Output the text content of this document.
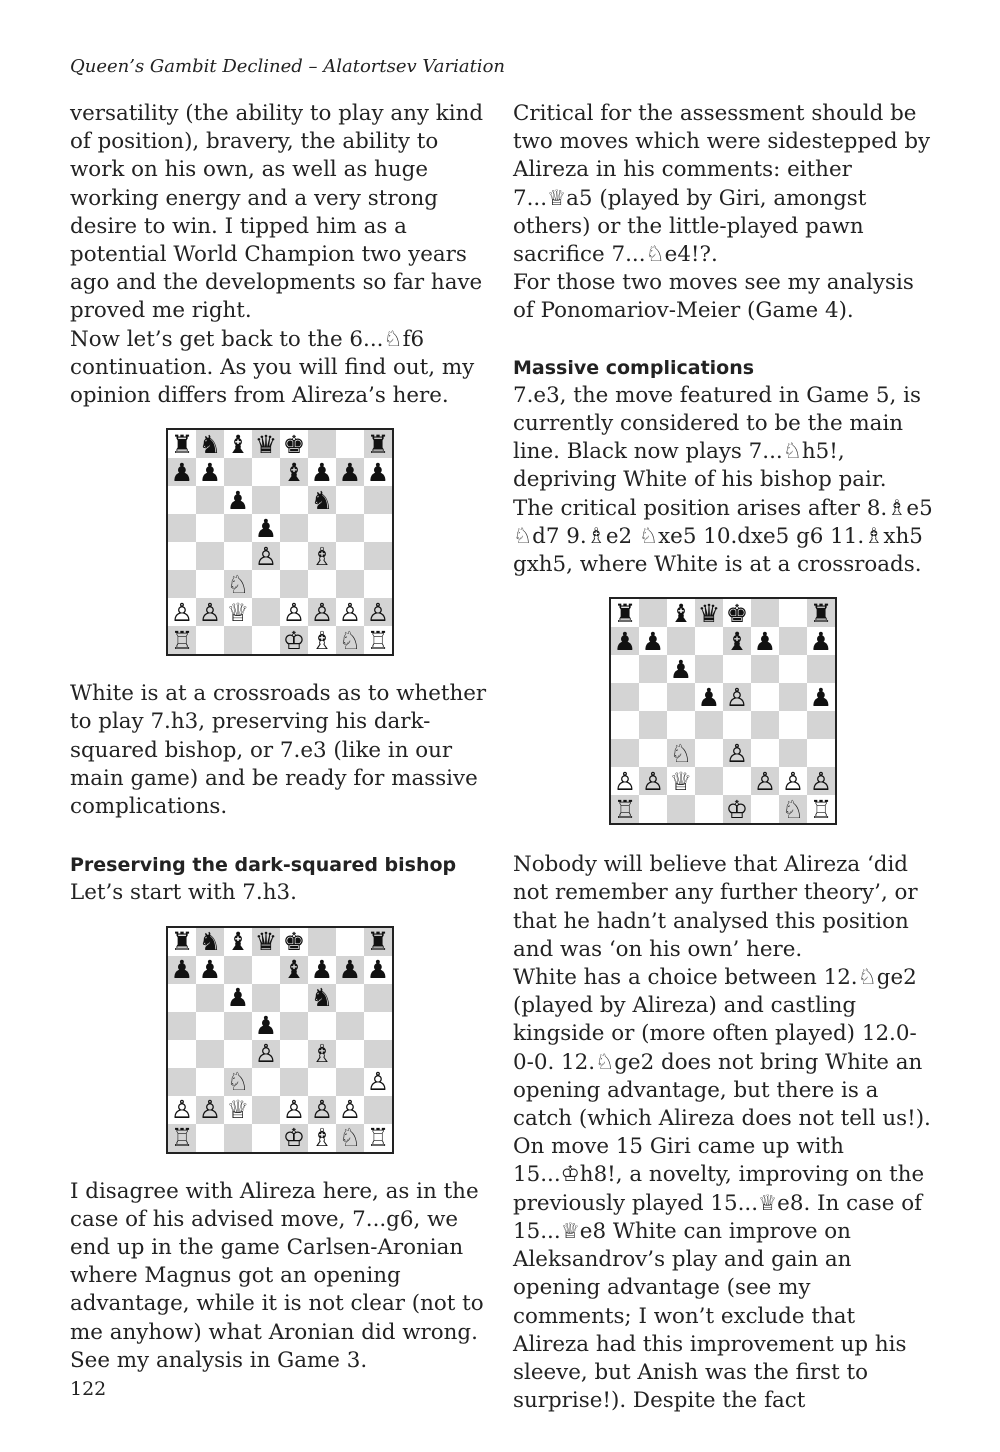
Queen’s Gambit Declined – Alatortsev Variation

versatility (the ability to play any kind of position), bravery, the ability to work on his own, as well as huge working energy and a very strong desire to win. I tipped him as a potential World Champion two years ago and the developments so far have proved me right.

Now let’s get back to the 6...♘f6 continuation. As you will find out, my opinion differs from Alireza’s here.

♜ ♞ ♝ ♛ ♚ ♜
♟ ♟ ♝ ♟ ♟ ♟
♟ ♞
♟
♙ ♗
♘
♙ ♙ ♕ ♙ ♙ ♙ ♙
♖	♔ ♗ ♘ ♖

White is at a crossroads as to whether to play 7.h3, preserving his dark-squared bishop, or 7.e3 (like in our main game) and be ready for massive complications.

Preserving the dark-squared bishop

Let’s start with 7.h3.

♜ ♞ ♝ ♛ ♚ ♜
♟ ♟ ♝ ♟ ♟ ♟
♟ ♞
♟
♙ ♗
♘	♙
♙ ♙ ♕ ♙ ♙ ♙
♖	♔ ♗ ♘ ♖

I disagree with Alireza here, as in the case of his advised move, 7...g6, we end up in the game Carlsen-Aronian where Magnus got an opening advantage, while it is not clear (not to me anyhow) what Aronian did wrong. See my analysis in Game 3.

Critical for the assessment should be two moves which were sidestepped by Alireza in his comments: either 7...♕a5 (played by Giri, amongst others) or the little-played pawn sacrifice 7...♘e4!?.

For those two moves see my analysis of Ponomariov-Meier (Game 4).

Massive complications

7.e3, the move featured in Game 5, is currently considered to be the main line. Black now plays 7...♘h5!, depriving White of his bishop pair. The critical position arises after 8.♗e5 ♘d7 9.♗e2 ♘xe5 10.dxe5 g6 11.♗xh5 gxh5, where White is at a crossroads.

♜ ♝ ♛ ♚ ♜
♟ ♟ ♝ ♟ ♟
♟
♟ ♙ ♟
♘ ♙
♙ ♙ ♕ ♙ ♙ ♙
♖	♔ ♘ ♖

Nobody will believe that Alireza ‘did not remember any further theory’, or that he hadn’t analysed this position and was ‘on his own’ here.

White has a choice between 12.♘ge2 (played by Alireza) and castling kingside or (more often played) 12.0-0-0. 12.♘ge2 does not bring White an opening advantage, but there is a catch (which Alireza does not tell us!). On move 15 Giri came up with 15...♔h8!, a novelty, improving on the previously played 15...♕e8. In case of 15...♕e8 White can improve on Aleksandrov’s play and gain an opening advantage (see my comments; I won’t exclude that Alireza had this improvement up his sleeve, but Anish was the first to surprise!). Despite the fact

122
